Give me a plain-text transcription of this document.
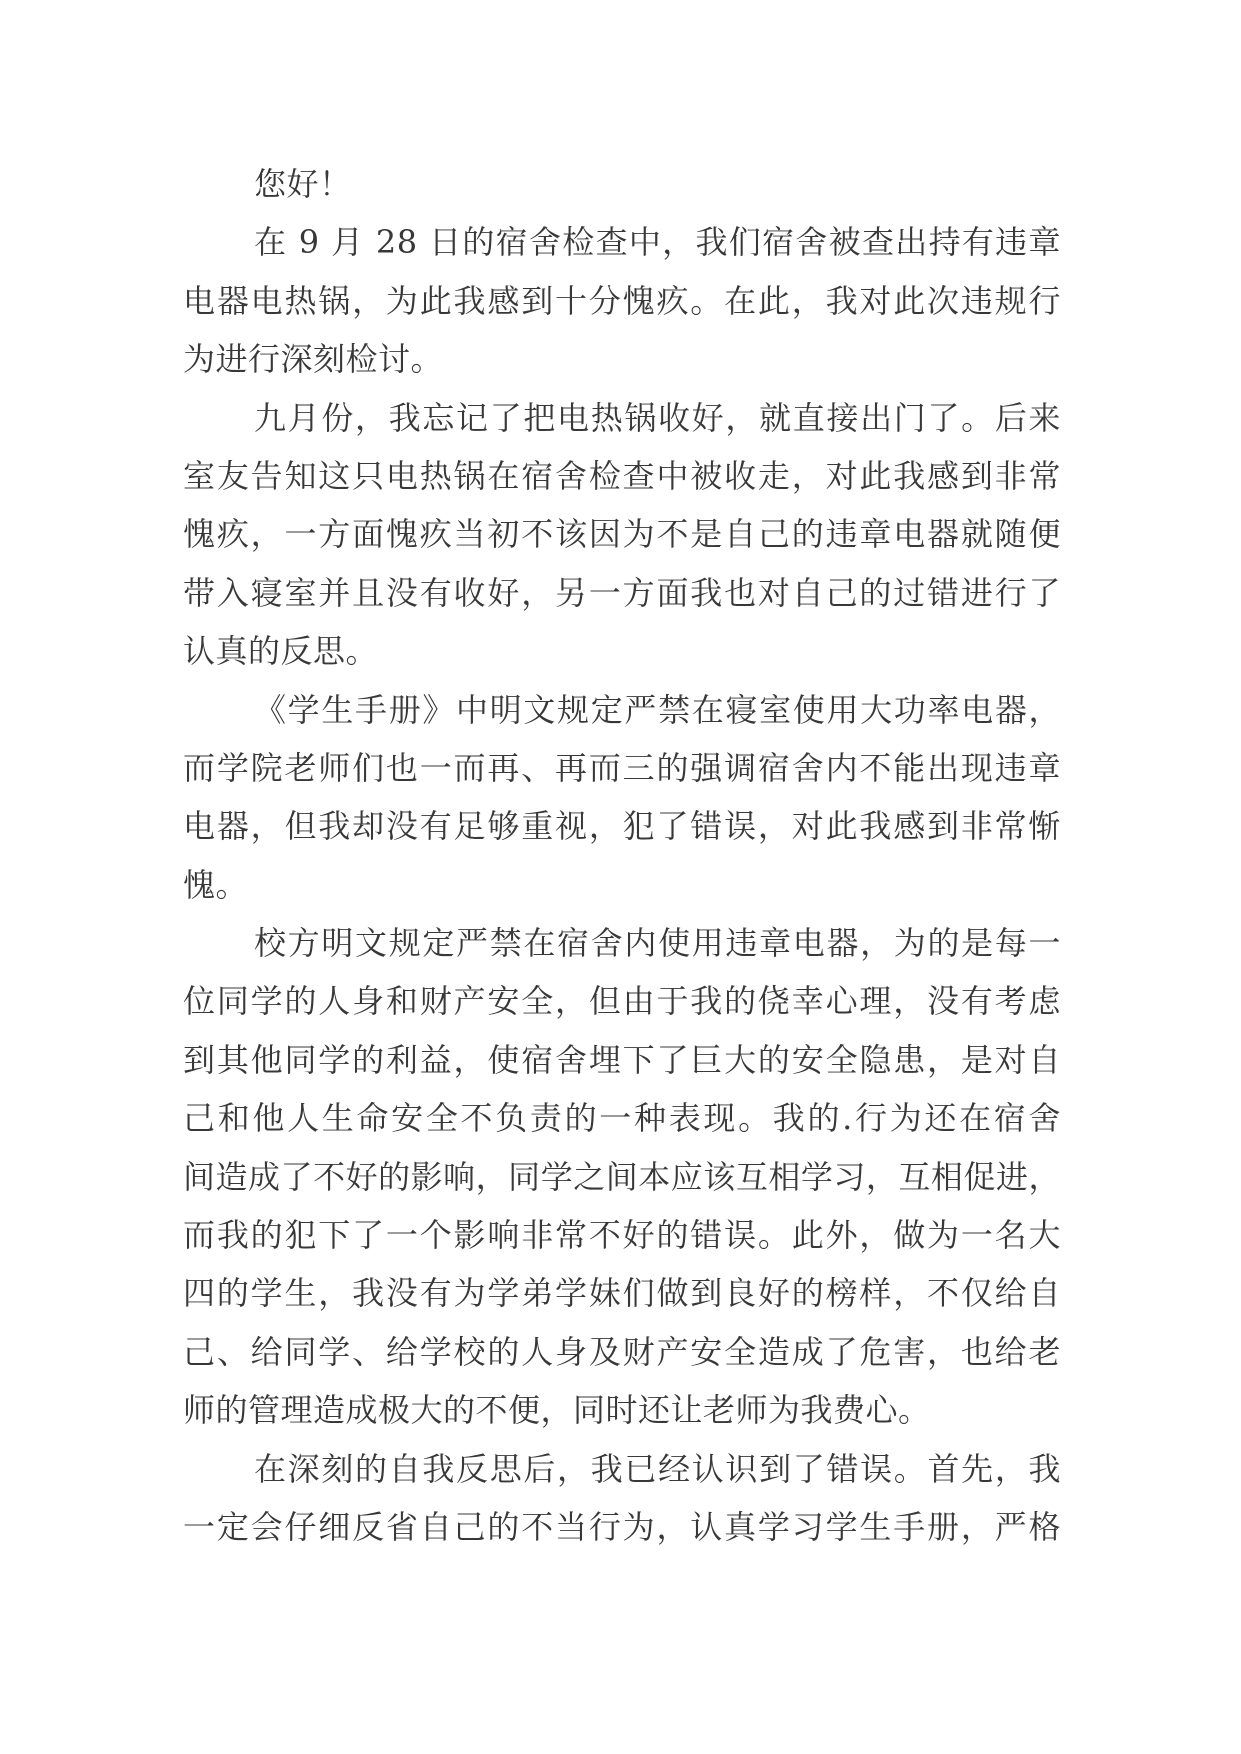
您好！
在 9 月 28 日的宿舍检查中，我们宿舍被查出持有违章
电器电热锅，为此我感到十分愧疚。在此，我对此次违规行
为进行深刻检讨。
九月份，我忘记了把电热锅收好，就直接出门了。后来
室友告知这只电热锅在宿舍检查中被收走，对此我感到非常
愧疚，一方面愧疚当初不该因为不是自己的违章电器就随便
带入寝室并且没有收好，另一方面我也对自己的过错进行了
认真的反思。
《学生手册》中明文规定严禁在寝室使用大功率电器，
而学院老师们也一而再、再而三的强调宿舍内不能出现违章
电器，但我却没有足够重视，犯了错误，对此我感到非常惭
愧。
校方明文规定严禁在宿舍内使用违章电器，为的是每一
位同学的人身和财产安全，但由于我的侥幸心理，没有考虑
到其他同学的利益，使宿舍埋下了巨大的安全隐患，是对自
己和他人生命安全不负责的一种表现。我的.行为还在宿舍
间造成了不好的影响，同学之间本应该互相学习，互相促进，
而我的犯下了一个影响非常不好的错误。此外，做为一名大
四的学生，我没有为学弟学妹们做到良好的榜样，不仅给自
己、给同学、给学校的人身及财产安全造成了危害，也给老
师的管理造成极大的不便，同时还让老师为我费心。
在深刻的自我反思后，我已经认识到了错误。首先，我
一定会仔细反省自己的不当行为，认真学习学生手册，严格
